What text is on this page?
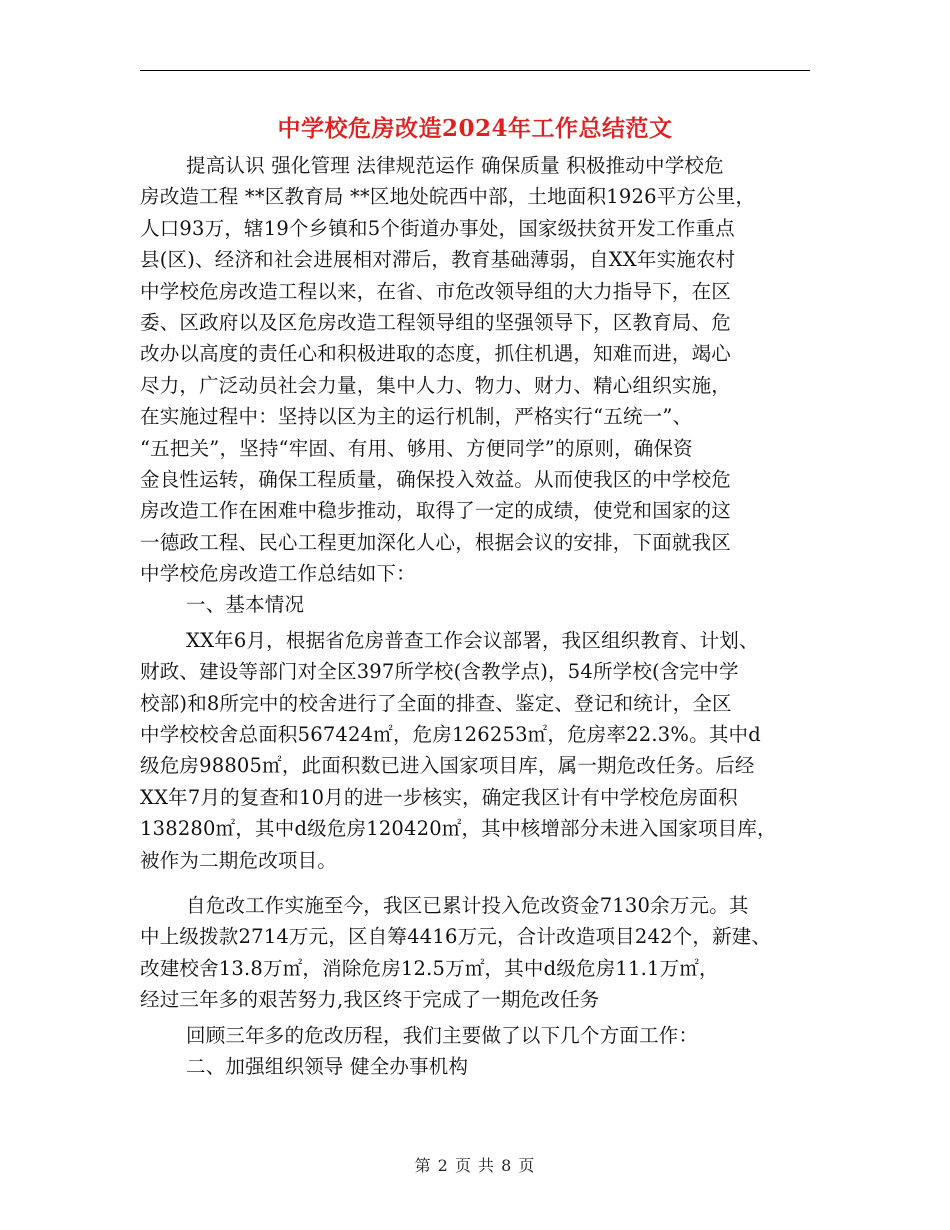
中学校危房改造2024年工作总结范文
提高认识 强化管理 法律规范运作 确保质量 积极推动中学校危
房改造工程 **区教育局 **区地处皖西中部，土地面积1926平方公里，
人口93万，辖19个乡镇和5个街道办事处，国家级扶贫开发工作重点
县(区)、经济和社会进展相对滞后，教育基础薄弱，自XX年实施农村
中学校危房改造工程以来，在省、市危改领导组的大力指导下，在区
委、区政府以及区危房改造工程领导组的坚强领导下，区教育局、危
改办以高度的责任心和积极进取的态度，抓住机遇，知难而进，竭心
尽力，广泛动员社会力量，集中人力、物力、财力、精心组织实施，
在实施过程中：坚持以区为主的运行机制，严格实行“五统一”、
“五把关”，坚持“牢固、有用、够用、方便同学”的原则，确保资
金良性运转，确保工程质量，确保投入效益。从而使我区的中学校危
房改造工作在困难中稳步推动，取得了一定的成绩，使党和国家的这
一德政工程、民心工程更加深化人心，根据会议的安排，下面就我区
中学校危房改造工作总结如下：
一、基本情况
XX年6月，根据省危房普查工作会议部署，我区组织教育、计划、
财政、建设等部门对全区397所学校(含教学点)，54所学校(含完中学
校部)和8所完中的校舍进行了全面的排查、鉴定、登记和统计，全区
中学校校舍总面积567424㎡，危房126253㎡，危房率22.3%。其中d
级危房98805㎡，此面积数已进入国家项目库，属一期危改任务。后经
XX年7月的复查和10月的进一步核实，确定我区计有中学校危房面积
138280㎡，其中d级危房120420㎡，其中核增部分未进入国家项目库，
被作为二期危改项目。
自危改工作实施至今，我区已累计投入危改资金7130余万元。其
中上级拨款2714万元，区自筹4416万元，合计改造项目242个，新建、
改建校舍13.8万㎡，消除危房12.5万㎡，其中d级危房11.1万㎡，
经过三年多的艰苦努力,我区终于完成了一期危改任务
回顾三年多的危改历程，我们主要做了以下几个方面工作：
二、加强组织领导 健全办事机构
第 2 页 共 8 页
